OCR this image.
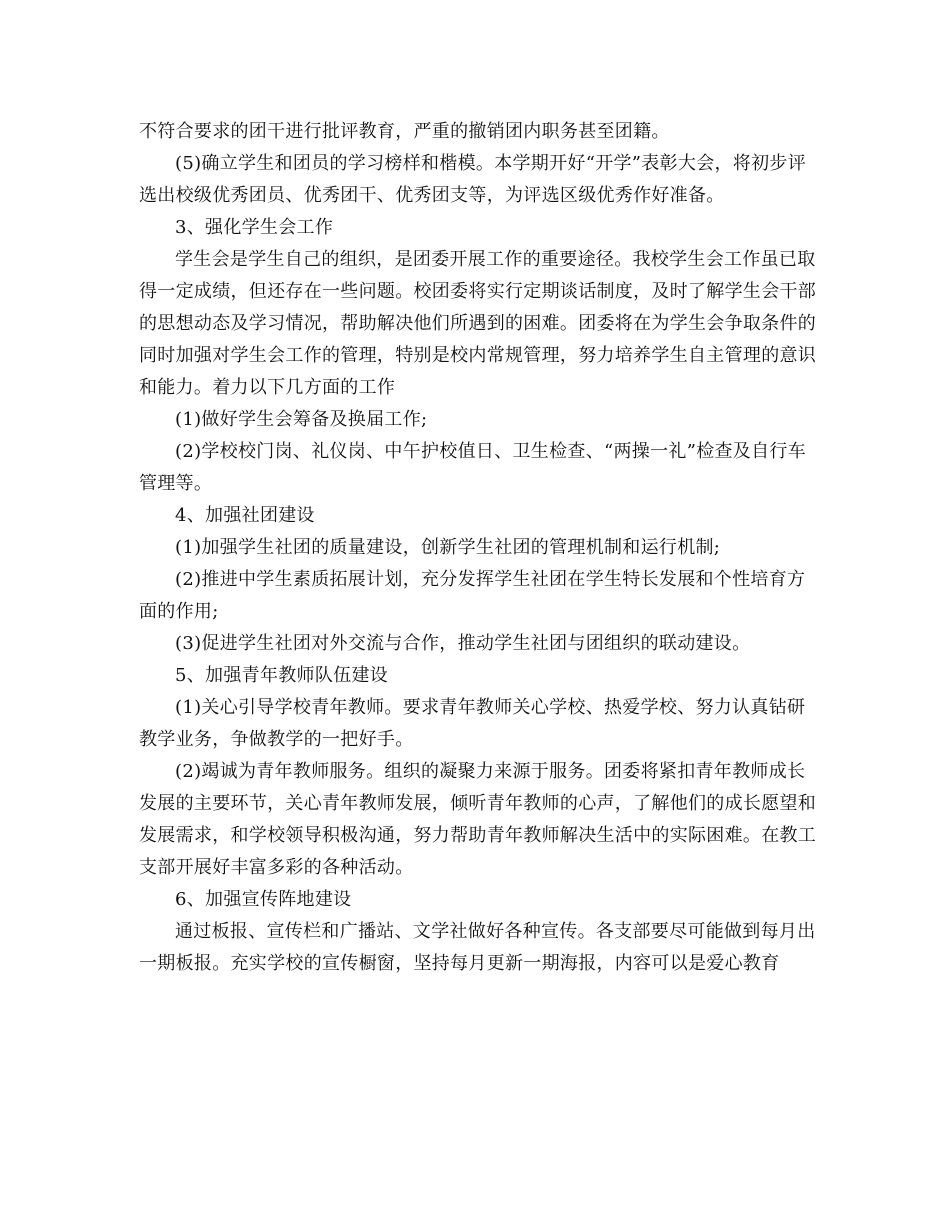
不符合要求的团干进行批评教育，严重的撤销团内职务甚至团籍。

(5)确立学生和团员的学习榜样和楷模。本学期开好“开学”表彰大会，将初步评选出校级优秀团员、优秀团干、优秀团支等，为评选区级优秀作好准备。

3、强化学生会工作

学生会是学生自己的组织，是团委开展工作的重要途径。我校学生会工作虽已取得一定成绩，但还存在一些问题。校团委将实行定期谈话制度，及时了解学生会干部的思想动态及学习情况，帮助解决他们所遇到的困难。团委将在为学生会争取条件的同时加强对学生会工作的管理，特别是校内常规管理，努力培养学生自主管理的意识和能力。着力以下几方面的工作

(1)做好学生会筹备及换届工作;

(2)学校校门岗、礼仪岗、中午护校值日、卫生检查、“两操一礼”检查及自行车管理等。

4、加强社团建设

(1)加强学生社团的质量建设，创新学生社团的管理机制和运行机制;

(2)推进中学生素质拓展计划，充分发挥学生社团在学生特长发展和个性培育方面的作用;

(3)促进学生社团对外交流与合作，推动学生社团与团组织的联动建设。

5、加强青年教师队伍建设

(1)关心引导学校青年教师。要求青年教师关心学校、热爱学校、努力认真钻研教学业务，争做教学的一把好手。

(2)竭诚为青年教师服务。组织的凝聚力来源于服务。团委将紧扣青年教师成长发展的主要环节，关心青年教师发展，倾听青年教师的心声，了解他们的成长愿望和发展需求，和学校领导积极沟通，努力帮助青年教师解决生活中的实际困难。在教工支部开展好丰富多彩的各种活动。

6、加强宣传阵地建设

通过板报、宣传栏和广播站、文学社做好各种宣传。各支部要尽可能做到每月出一期板报。充实学校的宣传橱窗，坚持每月更新一期海报，内容可以是爱心教育
